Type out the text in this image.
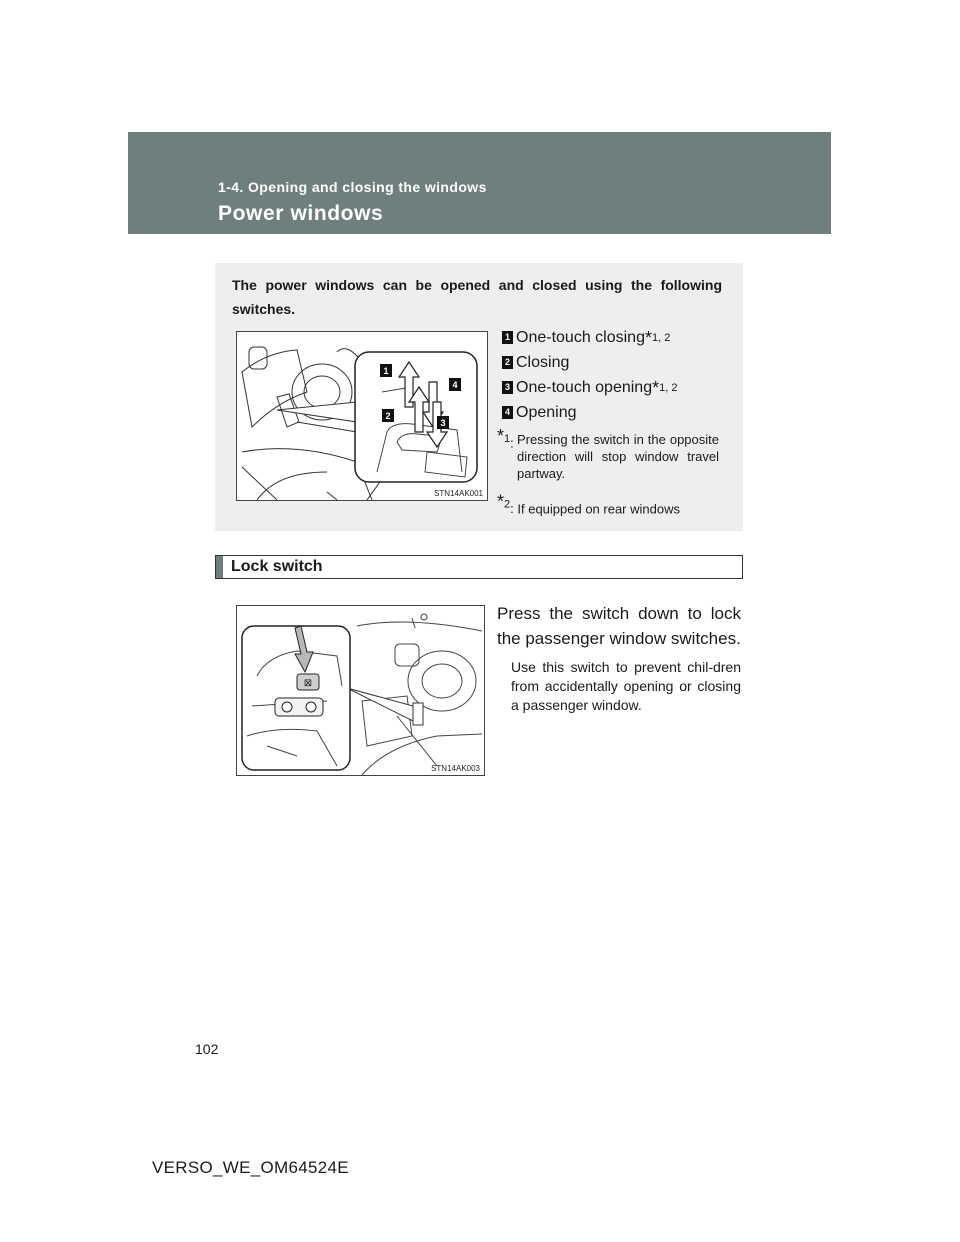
1-4. Opening and closing the windows
Power windows
The power windows can be opened and closed using the following switches.
1
4
2
3
STN14AK001
1 One-touch closing * 1, 2
2 Closing
3 One-touch opening * 1, 2
4 Opening
*$^1$: Pressing the switch in the opposite direction will stop window travel partway.
*$^2$: If equipped on rear windows
Lock switch
⊠
STN14AK003
Press the switch down to lock the passenger window switches.
Use this switch to prevent chil-dren from accidentally opening or closing a passenger window.
102
VERSO_WE_OM64524E
